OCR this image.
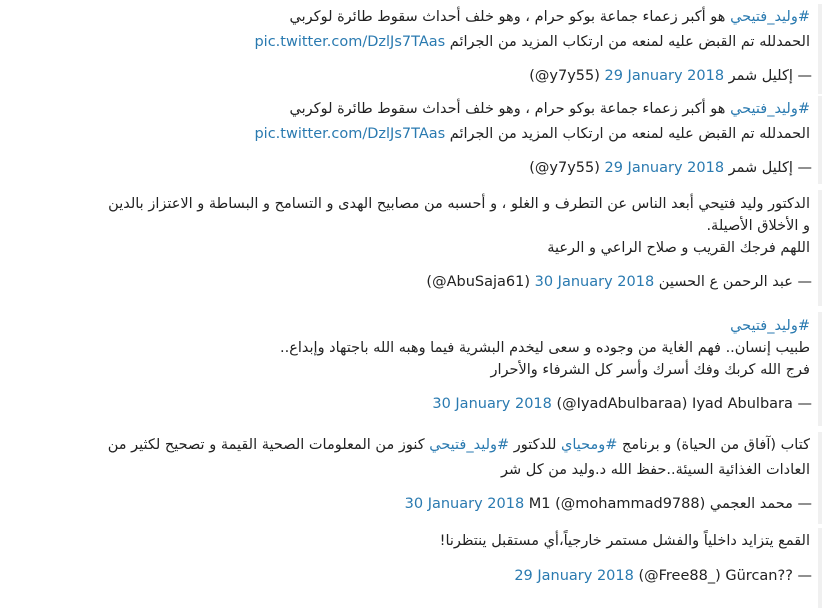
#وليد_فتيحي هو أكبر زعماء جماعة بوكو حرام ، وهو خلف أحداث سقوط طائرة لوكربي
الحمدلله تم القبض عليه لمنعه من ارتكاب المزيد من الجرائم pic.twitter.com/DzlJs7TAas
— إكليل شمر (@y7y55) 29 January 2018
#وليد_فتيحي هو أكبر زعماء جماعة بوكو حرام ، وهو خلف أحداث سقوط طائرة لوكربي
الحمدلله تم القبض عليه لمنعه من ارتكاب المزيد من الجرائم pic.twitter.com/DzlJs7TAas
— إكليل شمر (@y7y55) 29 January 2018
الدكتور وليد فتيحي أبعد الناس عن التطرف و الغلو ، و أحسبه من مصابيح الهدى و التسامح و البساطة و الاعتزاز بالدين
و الأخلاق الأصيلة.
اللهم فرجك القريب و صلاح الراعي و الرعية
— عبد الرحمن ع الحسين (@AbuSaja61) 30 January 2018
#وليد_فتيحي
طبيب إنسان.. فهم الغاية من وجوده و سعى ليخدم البشرية فيما وهبه الله باجتهاد وإبداع..
فرج الله كربك وفك أسرك وأسر كل الشرفاء والأحرار
— 30 January 2018 (@IyadAbulbaraa) Iyad Abulbara
كتاب (آفاق من الحياة) و برنامج #ومحياي للدكتور #وليد_فتيحي كنوز من المعلومات الصحية القيمة و تصحيح لكثير من
العادات الغذائية السيئة..حفظ الله د.وليد من كل شر
— محمد العجمي 30 January 2018 M1 (@mohammad9788)
القمع يتزايد داخلياً والفشل مستمر خارجياً،أي مستقبل ينتظرنا!
— 29 January 2018 (@Free88_) Gürcan??
